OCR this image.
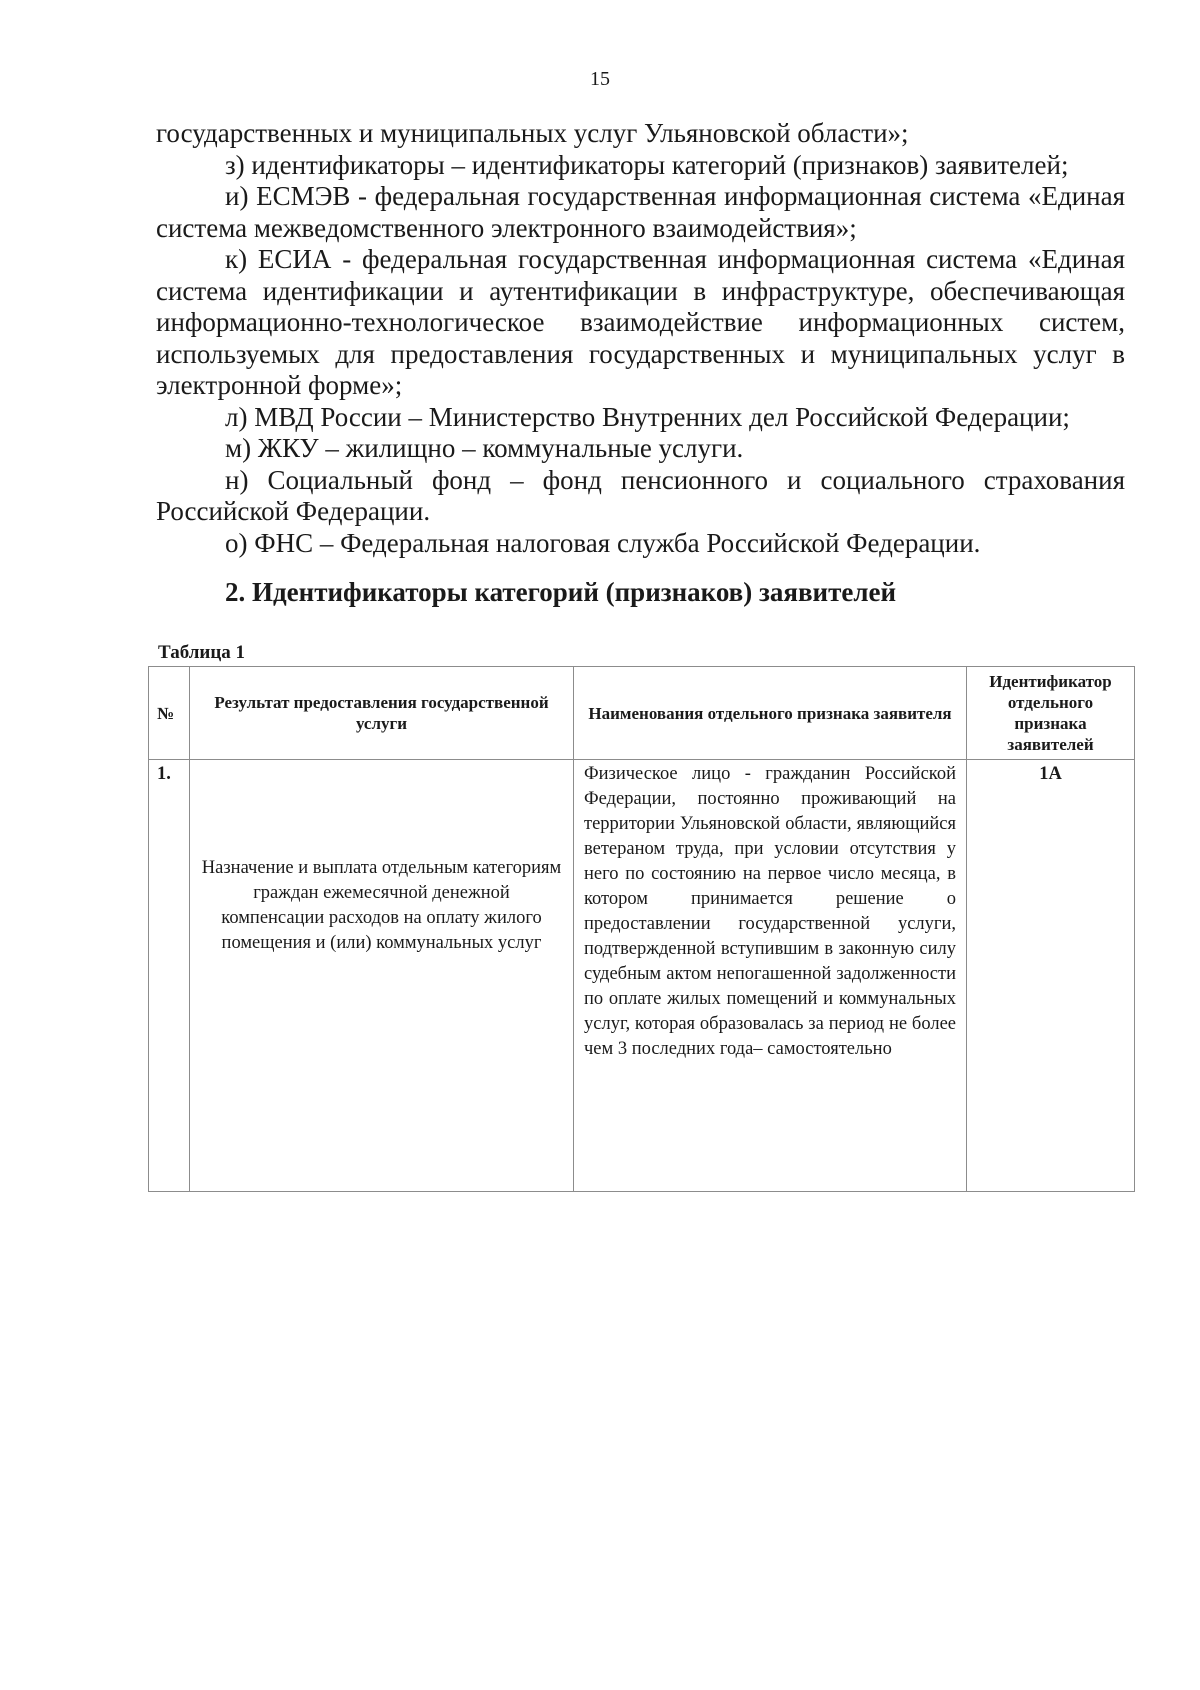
15

государственных и муниципальных услуг Ульяновской области»;

з) идентификаторы – идентификаторы категорий (признаков) заявителей;

и) ЕСМЭВ - федеральная государственная информационная система «Единая система межведомственного электронного взаимодействия»;

к) ЕСИА - федеральная государственная информационная система «Единая система идентификации и аутентификации в инфраструктуре, обеспечивающая информационно-технологическое взаимодействие информационных систем, используемых для предоставления государственных и муниципальных услуг в электронной форме»;

л) МВД России – Министерство Внутренних дел Российской Федерации;

м) ЖКУ – жилищно – коммунальные услуги.

н) Социальный фонд – фонд пенсионного и социального страхования Российской Федерации.

о) ФНС – Федеральная налоговая служба Российской Федерации.

2. Идентификаторы категорий (признаков) заявителей

Таблица 1

№	Результат предоставления государственной услуги	Наименования отдельного признака заявителя	Идентификатор отдельного признака заявителей
1.	Назначение и выплата отдельным категориям граждан ежемесячной денежной компенсации расходов на оплату жилого помещения и (или) коммунальных услуг	Физическое лицо - гражданин Российской Федерации, постоянно проживающий на территории Ульяновской области, являющийся ветераном труда, при условии отсутствия у него по состоянию на первое число месяца, в котором принимается решение о предоставлении государственной услуги, подтвержденной вступившим в законную силу судебным актом непогашенной задолженности по оплате жилых помещений и коммунальных услуг, которая образовалась за период не более чем 3 последних года– самостоятельно	1А
